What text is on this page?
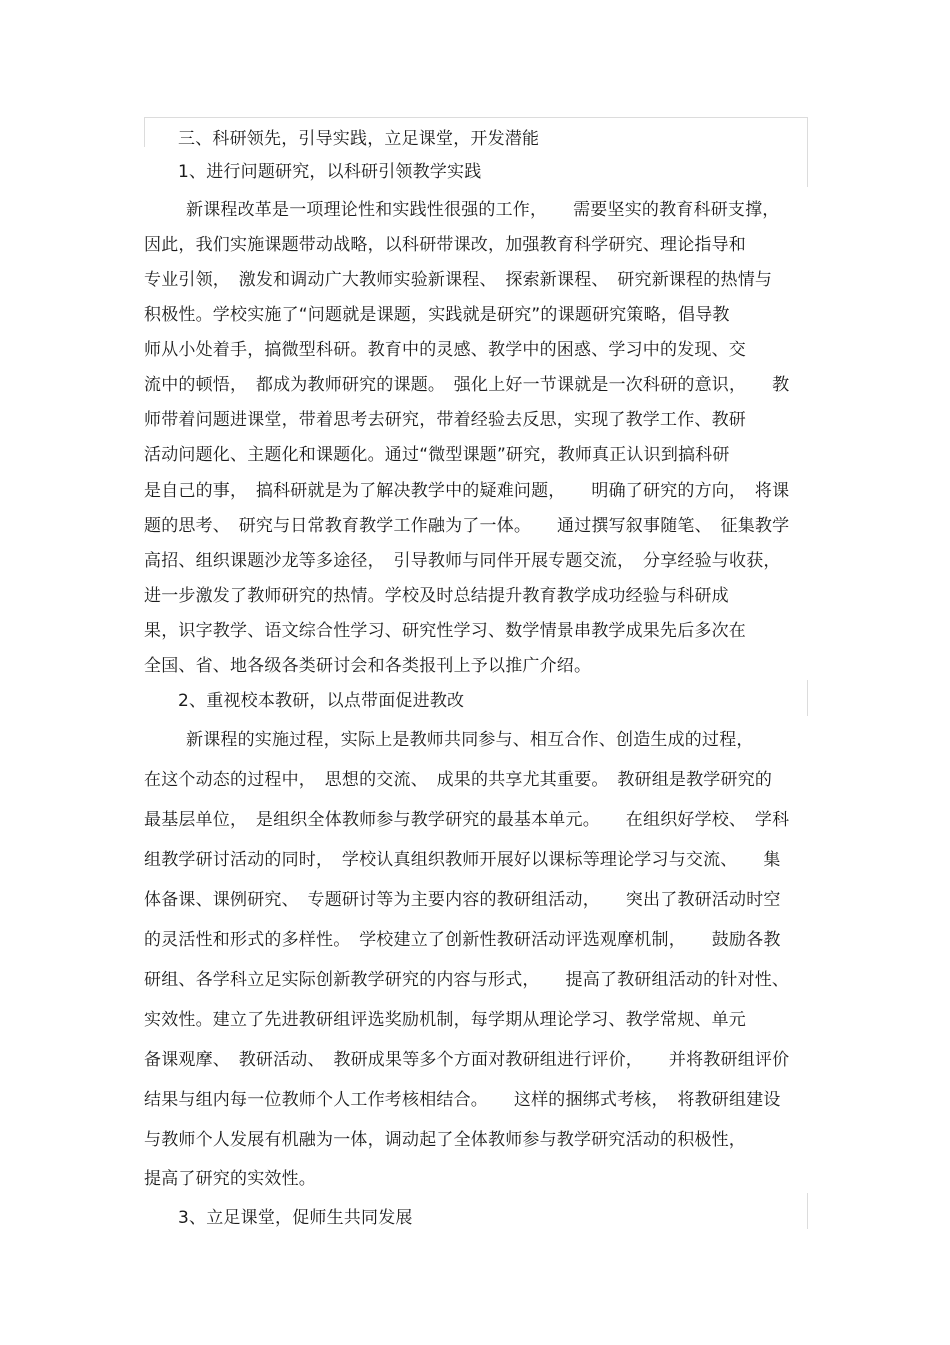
三、科研领先，引导实践，立足课堂，开发潜能
1、进行问题研究，以科研引领教学实践
新课程改革是一项理论性和实践性很强的工作，　　需要坚实的教育科研支撑，
因此，我们实施课题带动战略，以科研带课改，加强教育科学研究、理论指导和
专业引领，　激发和调动广大教师实验新课程、　探索新课程、　研究新课程的热情与
积极性。学校实施了“问题就是课题，实践就是研究”的课题研究策略，倡导教
师从小处着手，搞微型科研。教育中的灵感、教学中的困惑、学习中的发现、交
流中的顿悟，　都成为教师研究的课题。　强化上好一节课就是一次科研的意识，　　教
师带着问题进课堂，带着思考去研究，带着经验去反思，实现了教学工作、教研
活动问题化、主题化和课题化。通过“微型课题”研究，教师真正认识到搞科研
是自己的事，　搞科研就是为了解决教学中的疑难问题，　　明确了研究的方向，　将课
题的思考、　研究与日常教育教学工作融为了一体。　　通过撰写叙事随笔、　征集教学
高招、组织课题沙龙等多途径，　引导教师与同伴开展专题交流，　分享经验与收获，
进一步激发了教师研究的热情。学校及时总结提升教育教学成功经验与科研成
果，识字教学、语文综合性学习、研究性学习、数学情景串教学成果先后多次在
全国、省、地各级各类研讨会和各类报刊上予以推广介绍。
2、重视校本教研，以点带面促进教改
新课程的实施过程，实际上是教师共同参与、相互合作、创造生成的过程，
在这个动态的过程中，　思想的交流、　成果的共享尤其重要。　教研组是教学研究的
最基层单位，　是组织全体教师参与教学研究的最基本单元。　　在组织好学校、　学科
组教学研讨活动的同时，　学校认真组织教师开展好以课标等理论学习与交流、　　集
体备课、课例研究、　专题研讨等为主要内容的教研组活动，　　突出了教研活动时空
的灵活性和形式的多样性。　学校建立了创新性教研活动评选观摩机制，　　鼓励各教
研组、各学科立足实际创新教学研究的内容与形式，　　提高了教研组活动的针对性、
实效性。建立了先进教研组评选奖励机制，每学期从理论学习、教学常规、单元
备课观摩、　教研活动、　教研成果等多个方面对教研组进行评价，　　并将教研组评价
结果与组内每一位教师个人工作考核相结合。　　这样的捆绑式考核，　将教研组建设
与教师个人发展有机融为一体，调动起了全体教师参与教学研究活动的积极性，
提高了研究的实效性。
3、立足课堂，促师生共同发展
